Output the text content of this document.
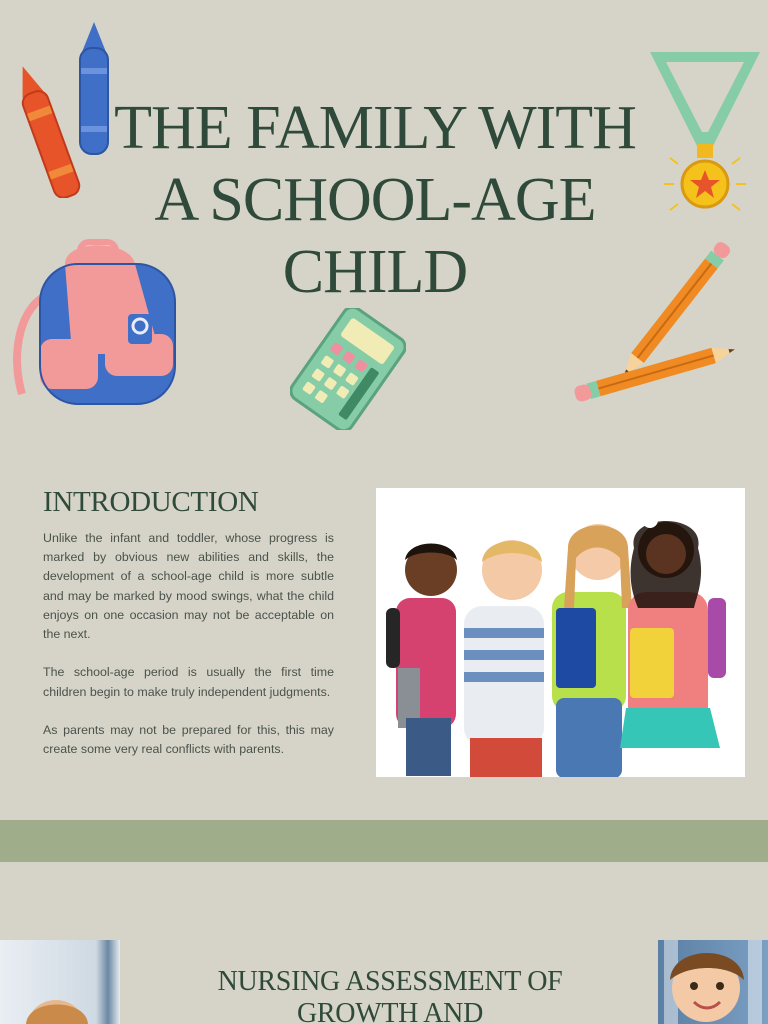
THE FAMILY WITH A SCHOOL-AGE CHILD
INTRODUCTION

Unlike the infant and toddler, whose progress is marked by obvious new abilities and skills, the development of a school-age child is more subtle and may be marked by mood swings, what the child enjoys on one occasion may not be acceptable on the next.

The school-age period is usually the first time children begin to make truly independent judgments.

As parents may not be prepared for this, this may create some very real conflicts with parents.

NURSING ASSESSMENT OF GROWTH AND
